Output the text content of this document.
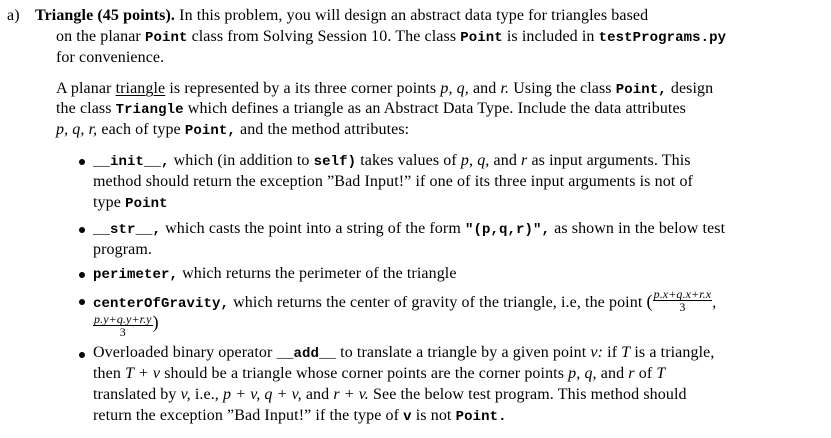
a) Triangle (45 points). In this problem, you will design an abstract data type for triangles based
on the planar Point class from Solving Session 10. The class Point is included in testPrograms.py
for convenience.
A planar triangle is represented by a its three corner points p, q, and r. Using the class Point, design
the class Triangle which defines a triangle as an Abstract Data Type. Include the data attributes
p, q, r, each of type Point, and the method attributes:
__init__, which (in addition to self) takes values of p, q, and r as input arguments. This
method should return the exception ”Bad Input!” if one of its three input arguments is not of
type Point
__str__, which casts the point into a string of the form "(p,q,r)", as shown in the below test
program.
perimeter, which returns the perimeter of the triangle
centerOfGravity, which returns the center of gravity of the triangle, i.e, the point ( $\frac{p.x+q.x+r.x}{3}$ ,
$\frac{p.y+q.y+r.y}{3}$ )
Overloaded binary operator __add__ to translate a triangle by a given point v: if T is a triangle,
then T + v should be a triangle whose corner points are the corner points p, q, and r of T
translated by v, i.e., p + v, q + v, and r + v. See the below test program. This method should
return the exception ”Bad Input!” if the type of v is not Point.
